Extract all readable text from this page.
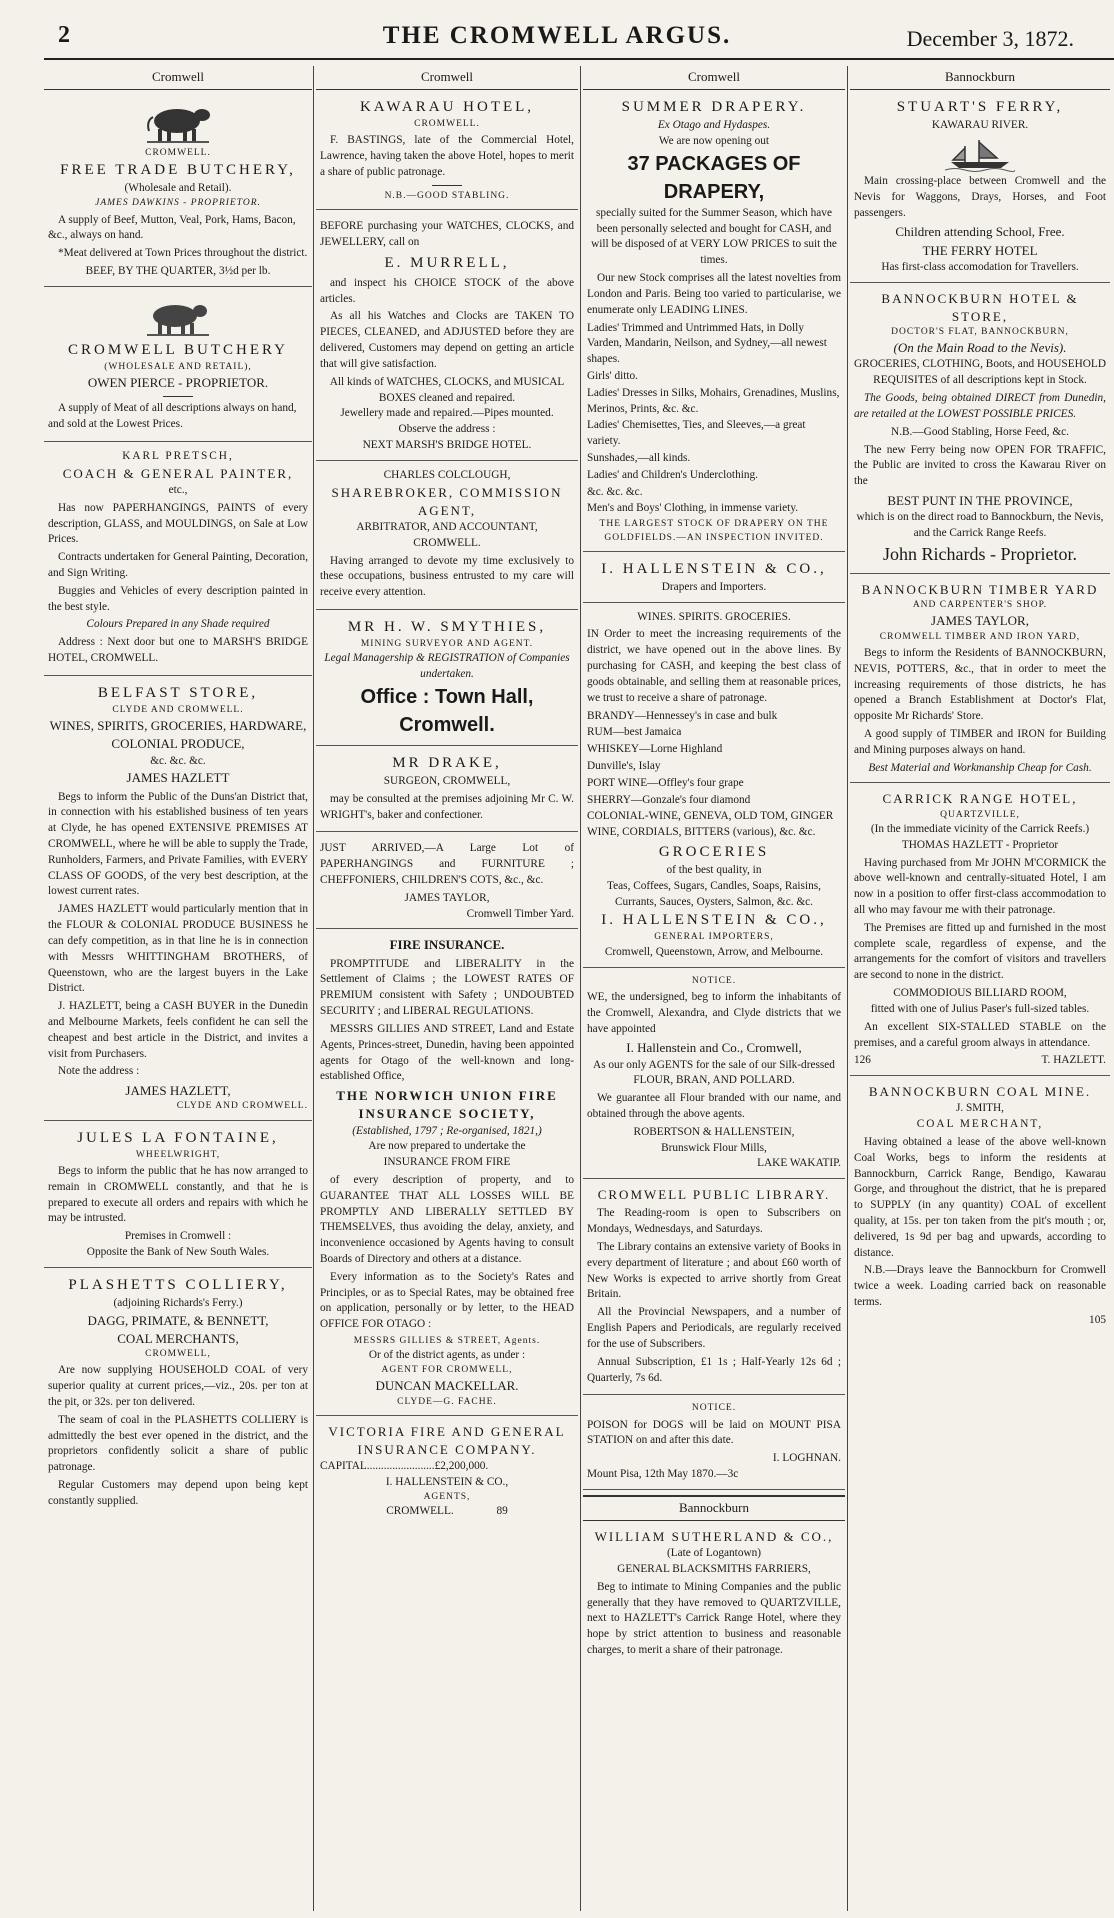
2	THE CROMWELL ARGUS.	December 3, 1872.
Cromwell
CROMWELL.
FREE TRADE BUTCHERY,
(Wholesale and Retail).
JAMES DAWKINS - PROPRIETOR.
A supply of Beef, Mutton, Veal, Pork, Hams, Bacon, &c., always on hand.
*Meat delivered at Town Prices throughout the district.
BEEF, BY THE QUARTER, 3½d per lb.
CROMWELL BUTCHERY
(WHOLESALE AND RETAIL),
OWEN PIERCE - PROPRIETOR.
A supply of Meat of all descriptions always on hand, and sold at the Lowest Prices.
KARL PRETSCH,
COACH & GENERAL PAINTER,
etc.,
Has now PAPERHANGINGS, PAINTS of every description, GLASS, and MOULDINGS, on Sale at Low Prices.
Contracts undertaken for General Painting, Decoration, and Sign Writing.
Buggies and Vehicles of every description painted in the best style.
Colours Prepared in any Shade required
Address : Next door but one to MARSH'S BRIDGE HOTEL, CROMWELL.
BELFAST STORE,
CLYDE AND CROMWELL.
WINES, SPIRITS, GROCERIES, HARDWARE, COLONIAL PRODUCE,
&c. &c. &c.
JAMES HAZLETT
Begs to inform the Public of the Duns'an District that, in connection with his established business of ten years at Clyde, he has opened EXTENSIVE PREMISES AT CROMWELL, where he will be able to supply the Trade, Runholders, Farmers, and Private Families, with EVERY CLASS OF GOODS, of the very best description, at the lowest current rates.
JAMES HAZLETT would particularly mention that in the FLOUR & COLONIAL PRODUCE BUSINESS he can defy competition, as in that line he is in connection with Messrs WHITTINGHAM BROTHERS, of Queenstown, who are the largest buyers in the Lake District.
J. HAZLETT, being a CASH BUYER in the Dunedin and Melbourne Markets, feels confident he can sell the cheapest and best article in the District, and invites a visit from Purchasers.
Note the address :
JAMES HAZLETT,
CLYDE AND CROMWELL.
JULES LA FONTAINE,
WHEELWRIGHT,
Begs to inform the public that he has now arranged to remain in CROMWELL constantly, and that he is prepared to execute all orders and repairs with which he may be intrusted.
Premises in Cromwell :
Opposite the Bank of New South Wales.
PLASHETTS COLLIERY,
(adjoining Richards's Ferry.)
DAGG, PRIMATE, & BENNETT,
COAL MERCHANTS,
CROMWELL,
Are now supplying HOUSEHOLD COAL of very superior quality at current prices,—viz., 20s. per ton at the pit, or 32s. per ton delivered.
The seam of coal in the PLASHETTS COLLIERY is admittedly the best ever opened in the district, and the proprietors confidently solicit a share of public patronage.
Regular Customers may depend upon being kept constantly supplied.
Cromwell
KAWARAU HOTEL,
CROMWELL.
F. BASTINGS, late of the Commercial Hotel, Lawrence, having taken the above Hotel, hopes to merit a share of public patronage.
N.B.—GOOD STABLING.
BEFORE purchasing your WATCHES, CLOCKS, and JEWELLERY, call on
E. MURRELL,
and inspect his CHOICE STOCK of the above articles.
As all his Watches and Clocks are TAKEN TO PIECES, CLEANED, and ADJUSTED before they are delivered, Customers may depend on getting an article that will give satisfaction.
All kinds of WATCHES, CLOCKS, and MUSICAL BOXES cleaned and repaired.
Jewellery made and repaired.—Pipes mounted.
Observe the address :
NEXT MARSH'S BRIDGE HOTEL.
CHARLES COLCLOUGH,
SHAREBROKER, COMMISSION AGENT,
ARBITRATOR, AND ACCOUNTANT,
CROMWELL.
Having arranged to devote my time exclusively to these occupations, business entrusted to my care will receive every attention.
MR H. W. SMYTHIES,
MINING SURVEYOR AND AGENT.
Legal Managership & REGISTRATION of Companies undertaken.
Office : Town Hall, Cromwell.
MR DRAKE,
SURGEON, CROMWELL,
may be consulted at the premises adjoining Mr C. W. WRIGHT's, baker and confectioner.
JUST ARRIVED,—A Large Lot of PAPERHANGINGS and FURNITURE ; CHEFFONIERS, CHILDREN'S COTS, &c., &c.
JAMES TAYLOR,
Cromwell Timber Yard.
FIRE INSURANCE.
PROMPTITUDE and LIBERALITY in the Settlement of Claims ; the LOWEST RATES OF PREMIUM consistent with Safety ; UNDOUBTED SECURITY ; and LIBERAL REGULATIONS.
MESSRS GILLIES AND STREET, Land and Estate Agents, Princes-street, Dunedin, having been appointed agents for Otago of the well-known and long-established Office,
THE NORWICH UNION FIRE INSURANCE SOCIETY,
(Established, 1797 ; Re-organised, 1821,)
Are now prepared to undertake the
INSURANCE FROM FIRE
of every description of property, and to GUARANTEE THAT ALL LOSSES WILL BE PROMPTLY AND LIBERALLY SETTLED BY THEMSELVES, thus avoiding the delay, anxiety, and inconvenience occasioned by Agents having to consult Boards of Directory and others at a distance.
Every information as to the Society's Rates and Principles, or as to Special Rates, may be obtained free on application, personally or by letter, to the HEAD OFFICE FOR OTAGO :
MESSRS GILLIES & STREET, Agents.
Or of the district agents, as under :
AGENT FOR CROMWELL,
DUNCAN MACKELLAR.
CLYDE—G. FACHE.
VICTORIA FIRE AND GENERAL INSURANCE COMPANY.
CAPITAL........................£2,200,000.
I. HALLENSTEIN & CO.,
AGENTS,
CROMWELL.	89
Cromwell
SUMMER DRAPERY.
Ex Otago and Hydaspes.
We are now opening out
37 PACKAGES OF DRAPERY,
specially suited for the Summer Season, which have been personally selected and bought for CASH, and will be disposed of at VERY LOW PRICES to suit the times.
Our new Stock comprises all the latest novelties from London and Paris. Being too varied to particularise, we enumerate only LEADING LINES.
Ladies' Trimmed and Untrimmed Hats, in Dolly Varden, Mandarin, Neilson, and Sydney,—all newest shapes.
Girls' ditto.
Ladies' Dresses in Silks, Mohairs, Grenadines, Muslins, Merinos, Prints, &c. &c.
Ladies' Chemisettes, Ties, and Sleeves,—a great variety.
Sunshades,—all kinds.
Ladies' and Children's Underclothing.
&c. &c. &c.
Men's and Boys' Clothing, in immense variety.
THE LARGEST STOCK OF DRAPERY ON THE GOLDFIELDS.—AN INSPECTION INVITED.
I. HALLENSTEIN & CO.,
Drapers and Importers.
WINES. SPIRITS. GROCERIES.
IN Order to meet the increasing requirements of the district, we have opened out in the above lines. By purchasing for CASH, and keeping the best class of goods obtainable, and selling them at reasonable prices, we trust to receive a share of patronage.
BRANDY—Hennessey's in case and bulk
RUM—best Jamaica
WHISKEY—Lorne Highland
Dunville's, Islay
PORT WINE—Offley's four grape
SHERRY—Gonzale's four diamond
COLONIAL-WINE, GENEVA, OLD TOM, GINGER WINE, CORDIALS, BITTERS (various), &c. &c.
GROCERIES
of the best quality, in
Teas, Coffees, Sugars, Candles, Soaps, Raisins, Currants, Sauces, Oysters, Salmon, &c. &c.
I. HALLENSTEIN & CO.,
GENERAL IMPORTERS,
Cromwell, Queenstown, Arrow, and Melbourne.
NOTICE.
WE, the undersigned, beg to inform the inhabitants of the Cromwell, Alexandra, and Clyde districts that we have appointed
I. Hallenstein and Co., Cromwell,
As our only AGENTS for the sale of our Silk-dressed
FLOUR, BRAN, AND POLLARD.
We guarantee all Flour branded with our name, and obtained through the above agents.
ROBERTSON & HALLENSTEIN,
Brunswick Flour Mills,
LAKE WAKATIP.
CROMWELL PUBLIC LIBRARY.
The Reading-room is open to Subscribers on Mondays, Wednesdays, and Saturdays.
The Library contains an extensive variety of Books in every department of literature ; and about £60 worth of New Works is expected to arrive shortly from Great Britain.
All the Provincial Newspapers, and a number of English Papers and Periodicals, are regularly received for the use of Subscribers.
Annual Subscription, £1 1s ; Half-Yearly 12s 6d ; Quarterly, 7s 6d.
NOTICE.
POISON for DOGS will be laid on MOUNT PISA STATION on and after this date.
I. LOGHNAN.
Mount Pisa, 12th May 1870.—3c
Bannockburn
WILLIAM SUTHERLAND & CO.,
(Late of Logantown)
GENERAL BLACKSMITHS FARRIERS,
Beg to intimate to Mining Companies and the public generally that they have removed to QUARTZVILLE, next to HAZLETT's Carrick Range Hotel, where they hope by strict attention to business and reasonable charges, to merit a share of their patronage.
Bannockburn
STUART'S FERRY,
KAWARAU RIVER.
Main crossing-place between Cromwell and the Nevis for Waggons, Drays, Horses, and Foot passengers.
Children attending School, Free.
THE FERRY HOTEL
Has first-class accomodation for Travellers.
BANNOCKBURN HOTEL & STORE,
DOCTOR'S FLAT, BANNOCKBURN,
(On the Main Road to the Nevis).
GROCERIES, CLOTHING, Boots, and HOUSEHOLD REQUISITES of all descriptions kept in Stock.
The Goods, being obtained DIRECT from Dunedin, are retailed at the LOWEST POSSIBLE PRICES.
N.B.—Good Stabling, Horse Feed, &c.
The new Ferry being now OPEN FOR TRAFFIC, the Public are invited to cross the Kawarau River on the
BEST PUNT IN THE PROVINCE,
which is on the direct road to Bannockburn, the Nevis, and the Carrick Range Reefs.
John Richards - Proprietor.
BANNOCKBURN TIMBER YARD
AND CARPENTER'S SHOP.
JAMES TAYLOR,
CROMWELL TIMBER AND IRON YARD,
Begs to inform the Residents of BANNOCKBURN, NEVIS, POTTERS, &c., that in order to meet the increasing requirements of those districts, he has opened a Branch Establishment at Doctor's Flat, opposite Mr Richards' Store.
A good supply of TIMBER and IRON for Building and Mining purposes always on hand.
Best Material and Workmanship Cheap for Cash.
CARRICK RANGE HOTEL,
QUARTZVILLE,
(In the immediate vicinity of the Carrick Reefs.)
THOMAS HAZLETT - Proprietor
Having purchased from Mr JOHN M'CORMICK the above well-known and centrally-situated Hotel, I am now in a position to offer first-class accommodation to all who may favour me with their patronage.
The Premises are fitted up and furnished in the most complete scale, regardless of expense, and the arrangements for the comfort of visitors and travellers are second to none in the district.
COMMODIOUS BILLIARD ROOM,
fitted with one of Julius Paser's full-sized tables.
An excellent SIX-STALLED STABLE on the premises, and a careful groom always in attendance.
126	T. HAZLETT.
BANNOCKBURN COAL MINE.
J. SMITH,
COAL MERCHANT,
Having obtained a lease of the above well-known Coal Works, begs to inform the residents at Bannockburn, Carrick Range, Bendigo, Kawarau Gorge, and throughout the district, that he is prepared to SUPPLY (in any quantity) COAL of excellent quality, at 15s. per ton taken from the pit's mouth ; or, delivered, 1s 9d per bag and upwards, according to distance.
N.B.—Drays leave the Bannockburn for Cromwell twice a week. Loading carried back on reasonable terms.
105
